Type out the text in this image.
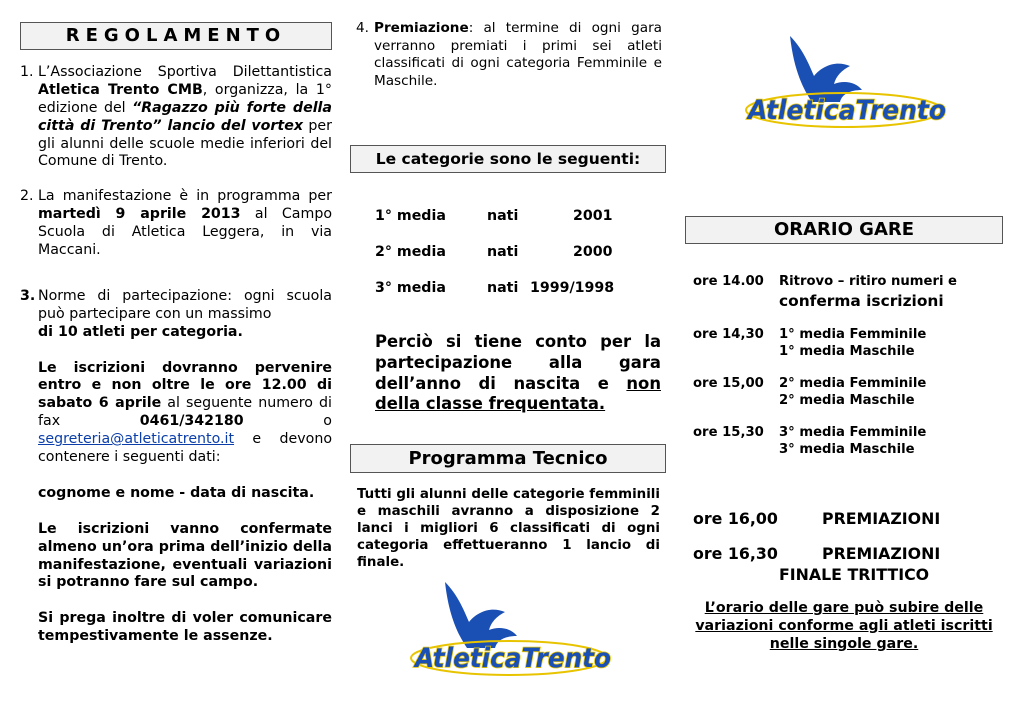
REGOLAMENTO
1. L’Associazione Sportiva Dilettantistica Atletica Trento CMB, organizza, la 1° edizione del “Ragazzo più forte della città di Trento” lancio del vortex per gli alunni delle scuole medie inferiori del Comune di Trento.
2. La manifestazione è in programma per martedì 9 aprile 2013 al Campo Scuola di Atletica Leggera, in via Maccani.
3. Norme di partecipazione: ogni scuola può partecipare con un massimo
di 10 atleti per categoria.
Le iscrizioni dovranno pervenire entro e non oltre le ore 12.00 di sabato 6 aprile al seguente numero di fax 0461/342180 o segreteria@atleticatrento.it e devono contenere i seguenti dati:
cognome e nome - data di nascita.
Le iscrizioni vanno confermate almeno un’ora prima dell’inizio della manifestazione, eventuali variazioni si potranno fare sul campo.
Si prega inoltre di voler comunicare tempestivamente le assenze.
4. Premiazione: al termine di ogni gara verranno premiati i primi sei atleti classificati di ogni categoria Femminile e Maschile.
Le categorie sono le seguenti:
1° media	nati	2001
2° media	nati	2000
3° media	nati 1999/1998
Perciò si tiene conto per la partecipazione alla gara dell’anno di nascita e non della classe frequentata.
Programma Tecnico
Tutti gli alunni delle categorie femminili e maschili avranno a disposizione 2 lanci i migliori 6 classificati di ogni categoria effettueranno 1 lancio di finale.
AtleticaTrento
AtleticaTrento
ORARIO GARE
ore 14.00 Ritrovo – ritiro numeri e
conferma iscrizioni
ore 14,30 1° media Femminile
1° media Maschile
ore 15,00 2° media Femminile
2° media Maschile
ore 15,30 3° media Femminile
3° media Maschile
ore 16,00	PREMIAZIONI
ore 16,30	PREMIAZIONI
FINALE TRITTICO
L’orario delle gare può subire delle variazioni conforme agli atleti iscritti nelle singole gare.
